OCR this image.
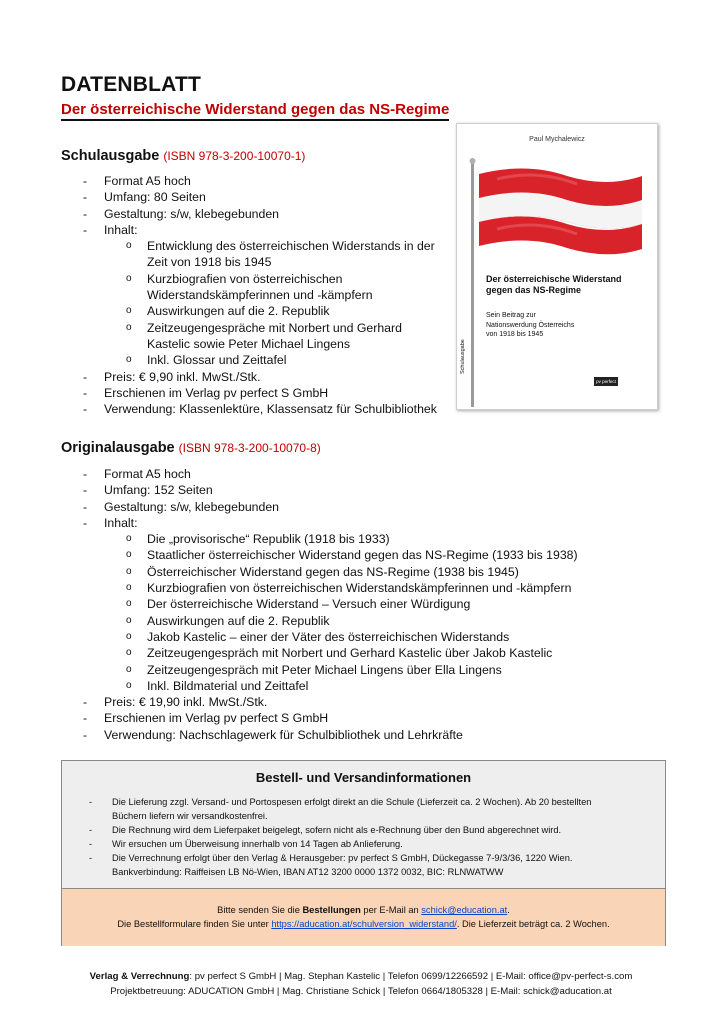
DATENBLATT
Der österreichische Widerstand gegen das NS-Regime
Schulausgabe (ISBN 978-3-200-10070-1)
- Format A5 hoch
- Umfang: 80 Seiten
- Gestaltung: s/w, klebegebunden
- Inhalt:
o Entwicklung des österreichischen Widerstands in der
Zeit von 1918 bis 1945
o Kurzbiografien von österreichischen
Widerstandskämpferinnen und -kämpfern
o Auswirkungen auf die 2. Republik
o Zeitzeugengespräche mit Norbert und Gerhard
Kastelic sowie Peter Michael Lingens
o Inkl. Glossar und Zeittafel
- Preis: € 9,90 inkl. MwSt./Stk.
- Erschienen im Verlag pv perfect S GmbH
- Verwendung: Klassenlektüre, Klassensatz für Schulbibliothek
Paul Mychalewicz
Der österreichische Widerstand
gegen das NS-Regime
Sein Beitrag zur
Nationswerdung Österreichs
von 1918 bis 1945
Schulausgabe
pv perfect
Originalausgabe (ISBN 978-3-200-10070-8)
- Format A5 hoch
- Umfang: 152 Seiten
- Gestaltung: s/w, klebegebunden
- Inhalt:
o Die „provisorische“ Republik (1918 bis 1933)
o Staatlicher österreichischer Widerstand gegen das NS-Regime (1933 bis 1938)
o Österreichischer Widerstand gegen das NS-Regime (1938 bis 1945)
o Kurzbiografien von österreichischen Widerstandskämpferinnen und -kämpfern
o Der österreichische Widerstand – Versuch einer Würdigung
o Auswirkungen auf die 2. Republik
o Jakob Kastelic – einer der Väter des österreichischen Widerstands
o Zeitzeugengespräch mit Norbert und Gerhard Kastelic über Jakob Kastelic
o Zeitzeugengespräch mit Peter Michael Lingens über Ella Lingens
o Inkl. Bildmaterial und Zeittafel
- Preis: € 19,90 inkl. MwSt./Stk.
- Erschienen im Verlag pv perfect S GmbH
- Verwendung: Nachschlagewerk für Schulbibliothek und Lehrkräfte
Bestell- und Versandinformationen
- Die Lieferung zzgl. Versand- und Portospesen erfolgt direkt an die Schule (Lieferzeit ca. 2 Wochen). Ab 20 bestellten
Büchern liefern wir versandkostenfrei.
- Die Rechnung wird dem Lieferpaket beigelegt, sofern nicht als e-Rechnung über den Bund abgerechnet wird.
- Wir ersuchen um Überweisung innerhalb von 14 Tagen ab Anlieferung.
- Die Verrechnung erfolgt über den Verlag & Herausgeber: pv perfect S GmbH, Dückegasse 7-9/3/36, 1220 Wien.
Bankverbindung: Raiffeisen LB Nö-Wien, IBAN AT12 3200 0000 1372 0032, BIC: RLNWATWW
Bitte senden Sie die Bestellungen per E-Mail an schick@education.at.
Die Bestellformulare finden Sie unter https://aducation.at/schulversion_widerstand/. Die Lieferzeit beträgt ca. 2 Wochen.
Verlag & Verrechnung: pv perfect S GmbH | Mag. Stephan Kastelic | Telefon 0699/12266592 | E-Mail: office@pv-perfect-s.com
Projektbetreuung: ADUCATION GmbH | Mag. Christiane Schick | Telefon 0664/1805328 | E-Mail: schick@aducation.at
